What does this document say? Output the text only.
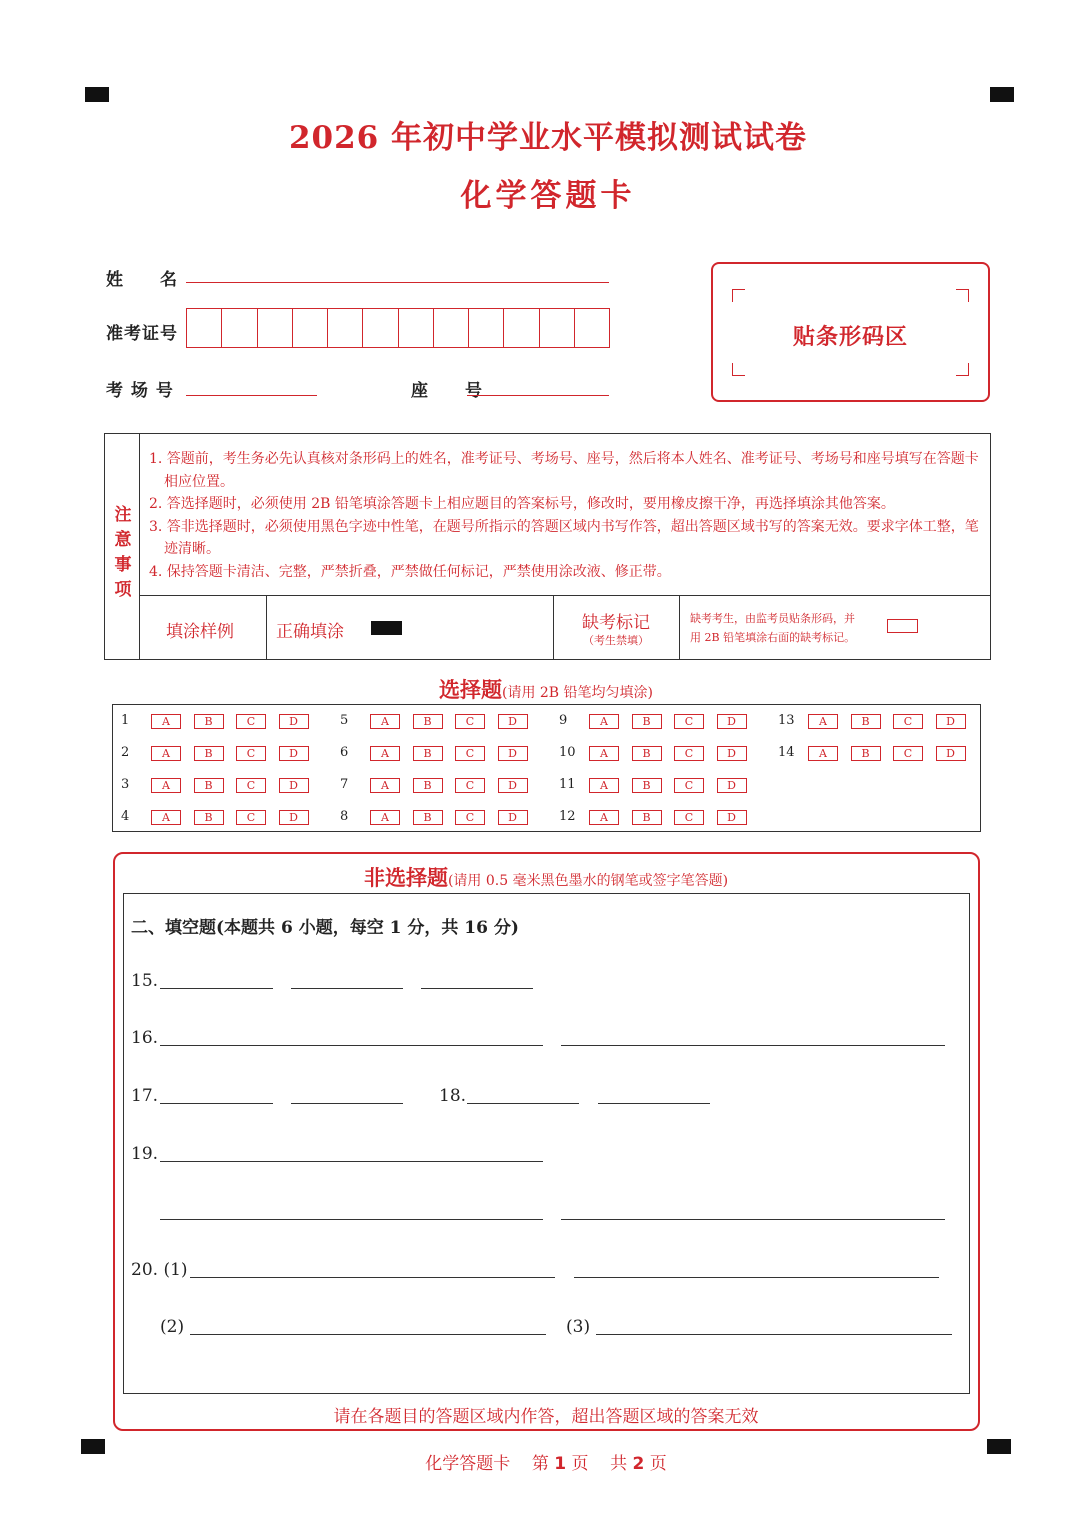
2026 年初中学业水平模拟测试试卷
化学答题卡
姓　　名
准考证号
考 场 号	座　　号
贴条形码区
注
意
事
项
1. 答题前，考生务必先认真核对条形码上的姓名，准考证号、考场号、座号，然后将本人姓名、准考证号、考场号和座号填写在答题卡相应位置。
2. 答选择题时，必须使用 2B 铅笔填涂答题卡上相应题目的答案标号，修改时，要用橡皮擦干净，再选择填涂其他答案。
3. 答非选择题时，必须使用黑色字迹中性笔，在题号所指示的答题区域内书写作答，超出答题区域书写的答案无效。要求字体工整，笔迹清晰。
4. 保持答题卡清洁、完整，严禁折叠，严禁做任何标记，严禁使用涂改液、修正带。
填涂样例 正确填涂	缺考标记
（考生禁填）
缺考考生，由监考员贴条形码，并
用 2B 铅笔填涂右面的缺考标记。
选择题(请用 2B 铅笔均匀填涂)
1	A	B	C	D
2	A	B	C	D
3	A	B	C	D
4	A	B	C	D
5	A	B	C	D
6	A	B	C	D
7	A	B	C	D
8	A	B	C	D
9	A	B	C	D
10	A	B	C	D
11	A	B	C	D
12	A	B	C	D
13	A	B	C	D
14	A	B	C	D
非选择题(请用 0.5 毫米黑色墨水的钢笔或签字笔答题)
二、填空题(本题共 6 小题，每空 1 分，共 16 分)
15.
16.
17.	18.
19.
20. (1)
(2)	(3)
请在各题目的答题区域内作答，超出答题区域的答案无效
化学答题卡 第 1 页 共 2 页
